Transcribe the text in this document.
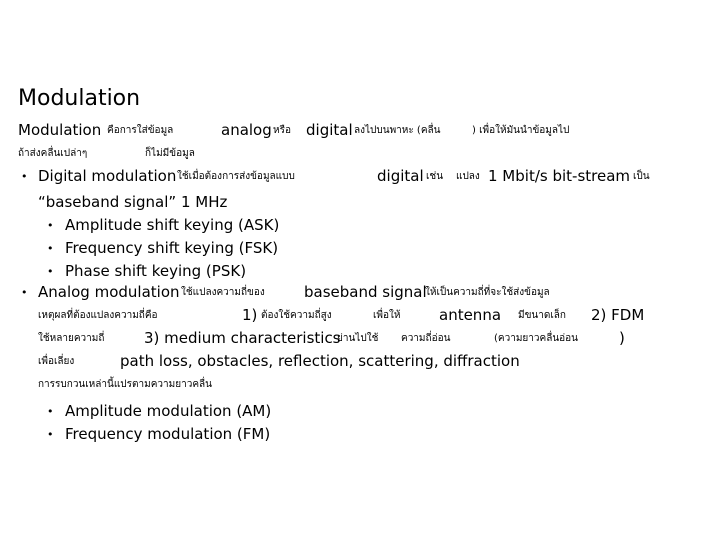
Modulation
Modulation คือการใส่ข้อมูล	analog หรือ digital ลงไปบนพาหะ (คลื่น	) เพื่อให้มันนำข้อมูลไป
ถ้าส่งคลื่นเปล่าๆ	ก็ไม่มีข้อมูล
• Digital modulation ใช้เมื่อต้องการส่งข้อมูลแบบ	digital เช่น แปลง 1 Mbit/s bit-stream เป็น
“baseband signal” 1 MHz
• Amplitude shift keying (ASK)
• Frequency shift keying (FSK)
• Phase shift keying (PSK)
• Analog modulation ใช้แปลงความถี่ของ	baseband signal
ให้เป็นความถี่ที่จะใช้ส่งข้อมูล
เหตุผลที่ต้องแปลงความถี่คือ	1) ต้องใช้ความถี่สูง	เพื่อให้	antenna มีขนาดเล็ก 2) FDM
ใช้หลายความถี่	3) medium characteristics
ย่านไปใช้ ความถี่อ่อน	(ความยาวคลื่นอ่อน	)
เพื่อเลี่ยง	path loss, obstacles, reflection, scattering, diffraction
การรบกวนเหล่านี้แปรตามความยาวคลื่น
• Amplitude modulation (AM)
• Frequency modulation (FM)
